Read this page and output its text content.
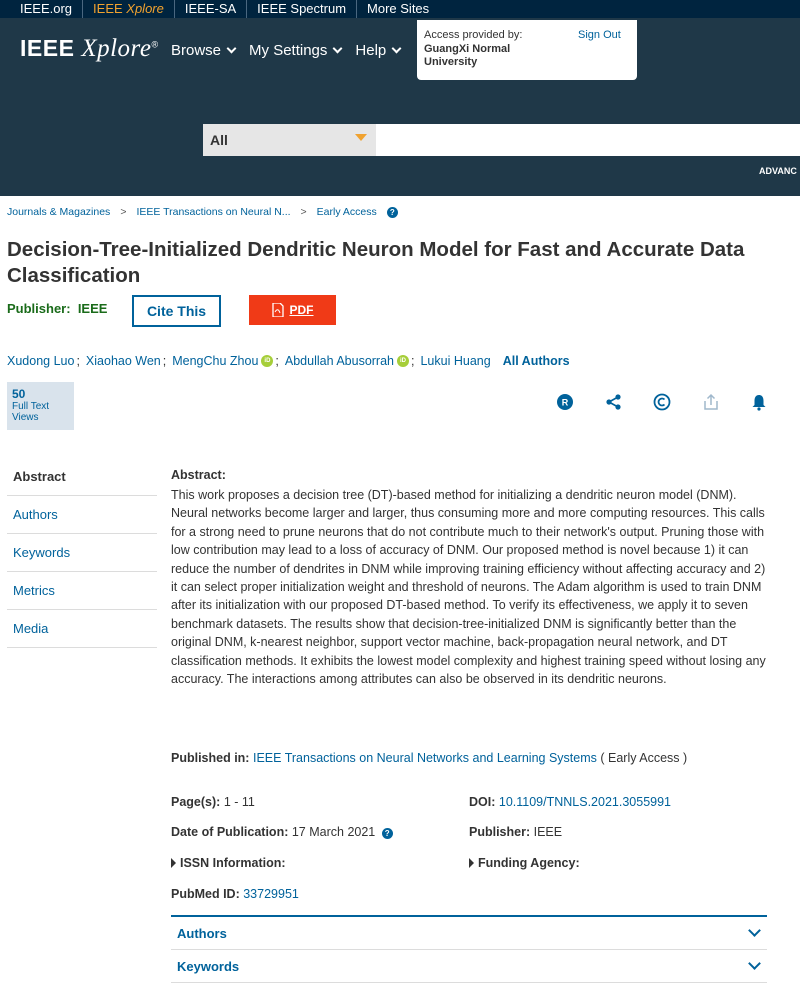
IEEE.org	IEEE Xplore	IEEE-SA	IEEE Spectrum	More Sites
IEEE Xplore® Browse My Settings Help
Access provided by:
GuangXi Normal University
Sign Out
All
ADVANC
Journals & Magazines > IEEE Transactions on Neural N... > Early Access	?
Decision-Tree-Initialized Dendritic Neuron Model for Fast and Accurate Data Classification
Publisher: IEEE	Cite This	PDF
Xudong Luo ; Xiaohao Wen ; MengChu Zhou	iD ; Abdullah Abusorrah	iD ; Lukui Huang All Authors
50
Full Text Views
R
Abstract
Authors
Keywords
Metrics
Media
Abstract:
This work proposes a decision tree (DT)-based method for initializing a dendritic neuron model (DNM). Neural networks become larger and larger, thus consuming more and more computing resources. This calls for a strong need to prune neurons that do not contribute much to their network's output. Pruning those with low contribution may lead to a loss of accuracy of DNM. Our proposed method is novel because 1) it can reduce the number of dendrites in DNM while improving training efficiency without affecting accuracy and 2) it can select proper initialization weight and threshold of neurons. The Adam algorithm is used to train DNM after its initialization with our proposed DT-based method. To verify its effectiveness, we apply it to seven benchmark datasets. The results show that decision-tree-initialized DNM is significantly better than the original DNM, k-nearest neighbor, support vector machine, back-propagation neural network, and DT classification methods. It exhibits the lowest model complexity and highest training speed without losing any accuracy. The interactions among attributes can also be observed in its dendritic neurons.
Published in: IEEE Transactions on Neural Networks and Learning Systems ( Early Access )
Page(s): 1 - 11	DOI: 10.1109/TNNLS.2021.3055991
Date of Publication: 17 March 2021 ?	Publisher: IEEE
ISSN Information:	Funding Agency:
PubMed ID: 33729951
Authors
Keywords
